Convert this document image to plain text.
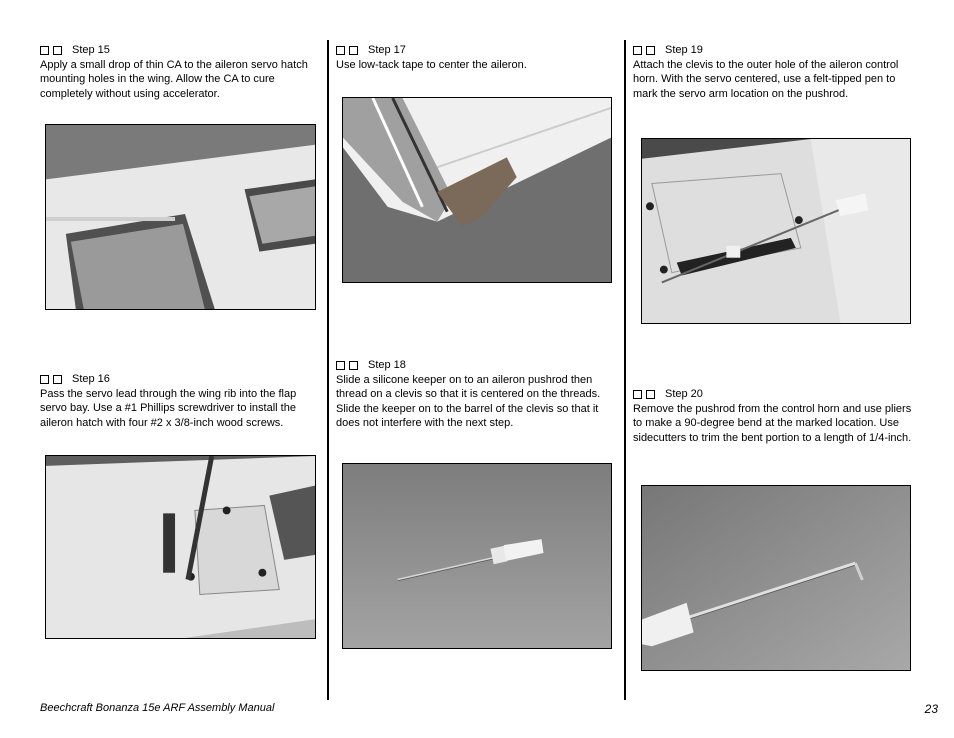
Step 15

Apply a small drop of thin CA to the aileron servo hatch mounting holes in the wing. Allow the CA to cure completely without using accelerator.

Step 16

Pass the servo lead through the wing rib into the flap servo bay. Use a #1 Phillips screwdriver to install the aileron hatch with four #2 x 3/8-inch wood screws.

Step 17

Use low-tack tape to center the aileron.

Step 18

Slide a silicone keeper on to an aileron pushrod then thread on a clevis so that it is centered on the threads. Slide the keeper on to the barrel of the clevis so that it does not interfere with the next step.

Step 19

Attach the clevis to the outer hole of the aileron control horn. With the servo centered, use a felt-tipped pen to mark the servo arm location on the pushrod.

Step 20

Remove the pushrod from the control horn and use pliers to make a 90-degree bend at the marked location. Use sidecutters to trim the bent portion to a length of 1/4-inch.

Beechcraft Bonanza 15e ARF Assembly Manual	23
